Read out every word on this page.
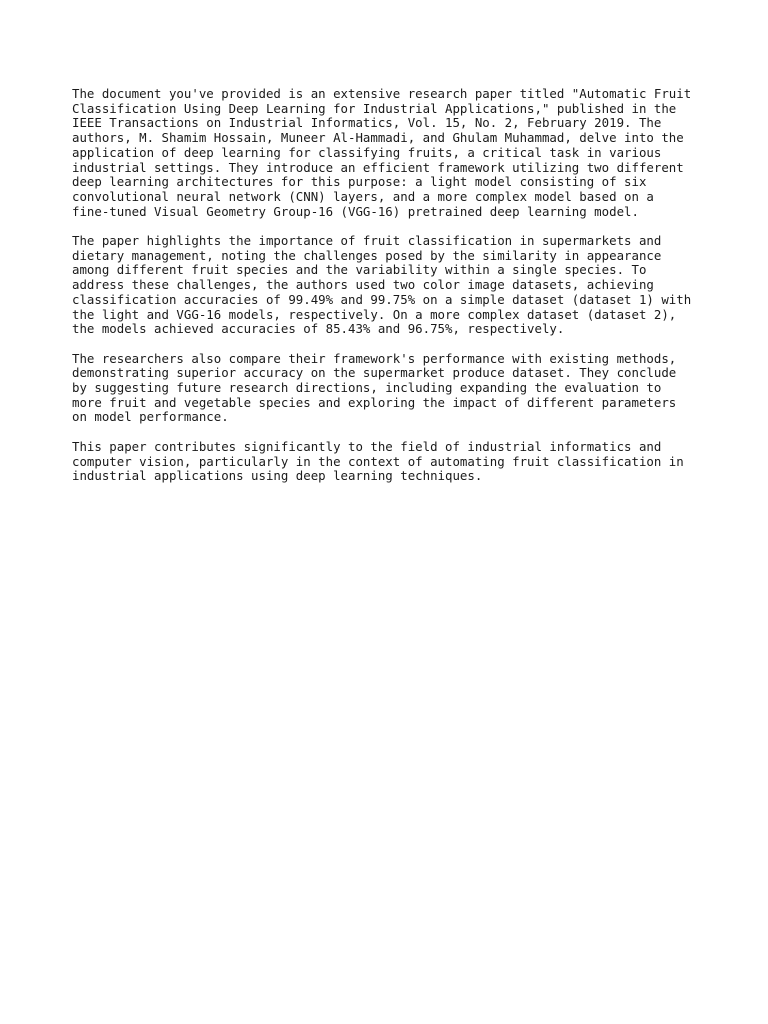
The document you've provided is an extensive research paper titled "Automatic Fruit
Classification Using Deep Learning for Industrial Applications," published in the
IEEE Transactions on Industrial Informatics, Vol. 15, No. 2, February 2019. The
authors, M. Shamim Hossain, Muneer Al-Hammadi, and Ghulam Muhammad, delve into the
application of deep learning for classifying fruits, a critical task in various
industrial settings. They introduce an efficient framework utilizing two different
deep learning architectures for this purpose: a light model consisting of six
convolutional neural network (CNN) layers, and a more complex model based on a
fine-tuned Visual Geometry Group-16 (VGG-16) pretrained deep learning model.

The paper highlights the importance of fruit classification in supermarkets and
dietary management, noting the challenges posed by the similarity in appearance
among different fruit species and the variability within a single species. To
address these challenges, the authors used two color image datasets, achieving
classification accuracies of 99.49% and 99.75% on a simple dataset (dataset 1) with
the light and VGG-16 models, respectively. On a more complex dataset (dataset 2),
the models achieved accuracies of 85.43% and 96.75%, respectively.

The researchers also compare their framework's performance with existing methods,
demonstrating superior accuracy on the supermarket produce dataset. They conclude
by suggesting future research directions, including expanding the evaluation to
more fruit and vegetable species and exploring the impact of different parameters
on model performance.

This paper contributes significantly to the field of industrial informatics and
computer vision, particularly in the context of automating fruit classification in
industrial applications using deep learning techniques.
